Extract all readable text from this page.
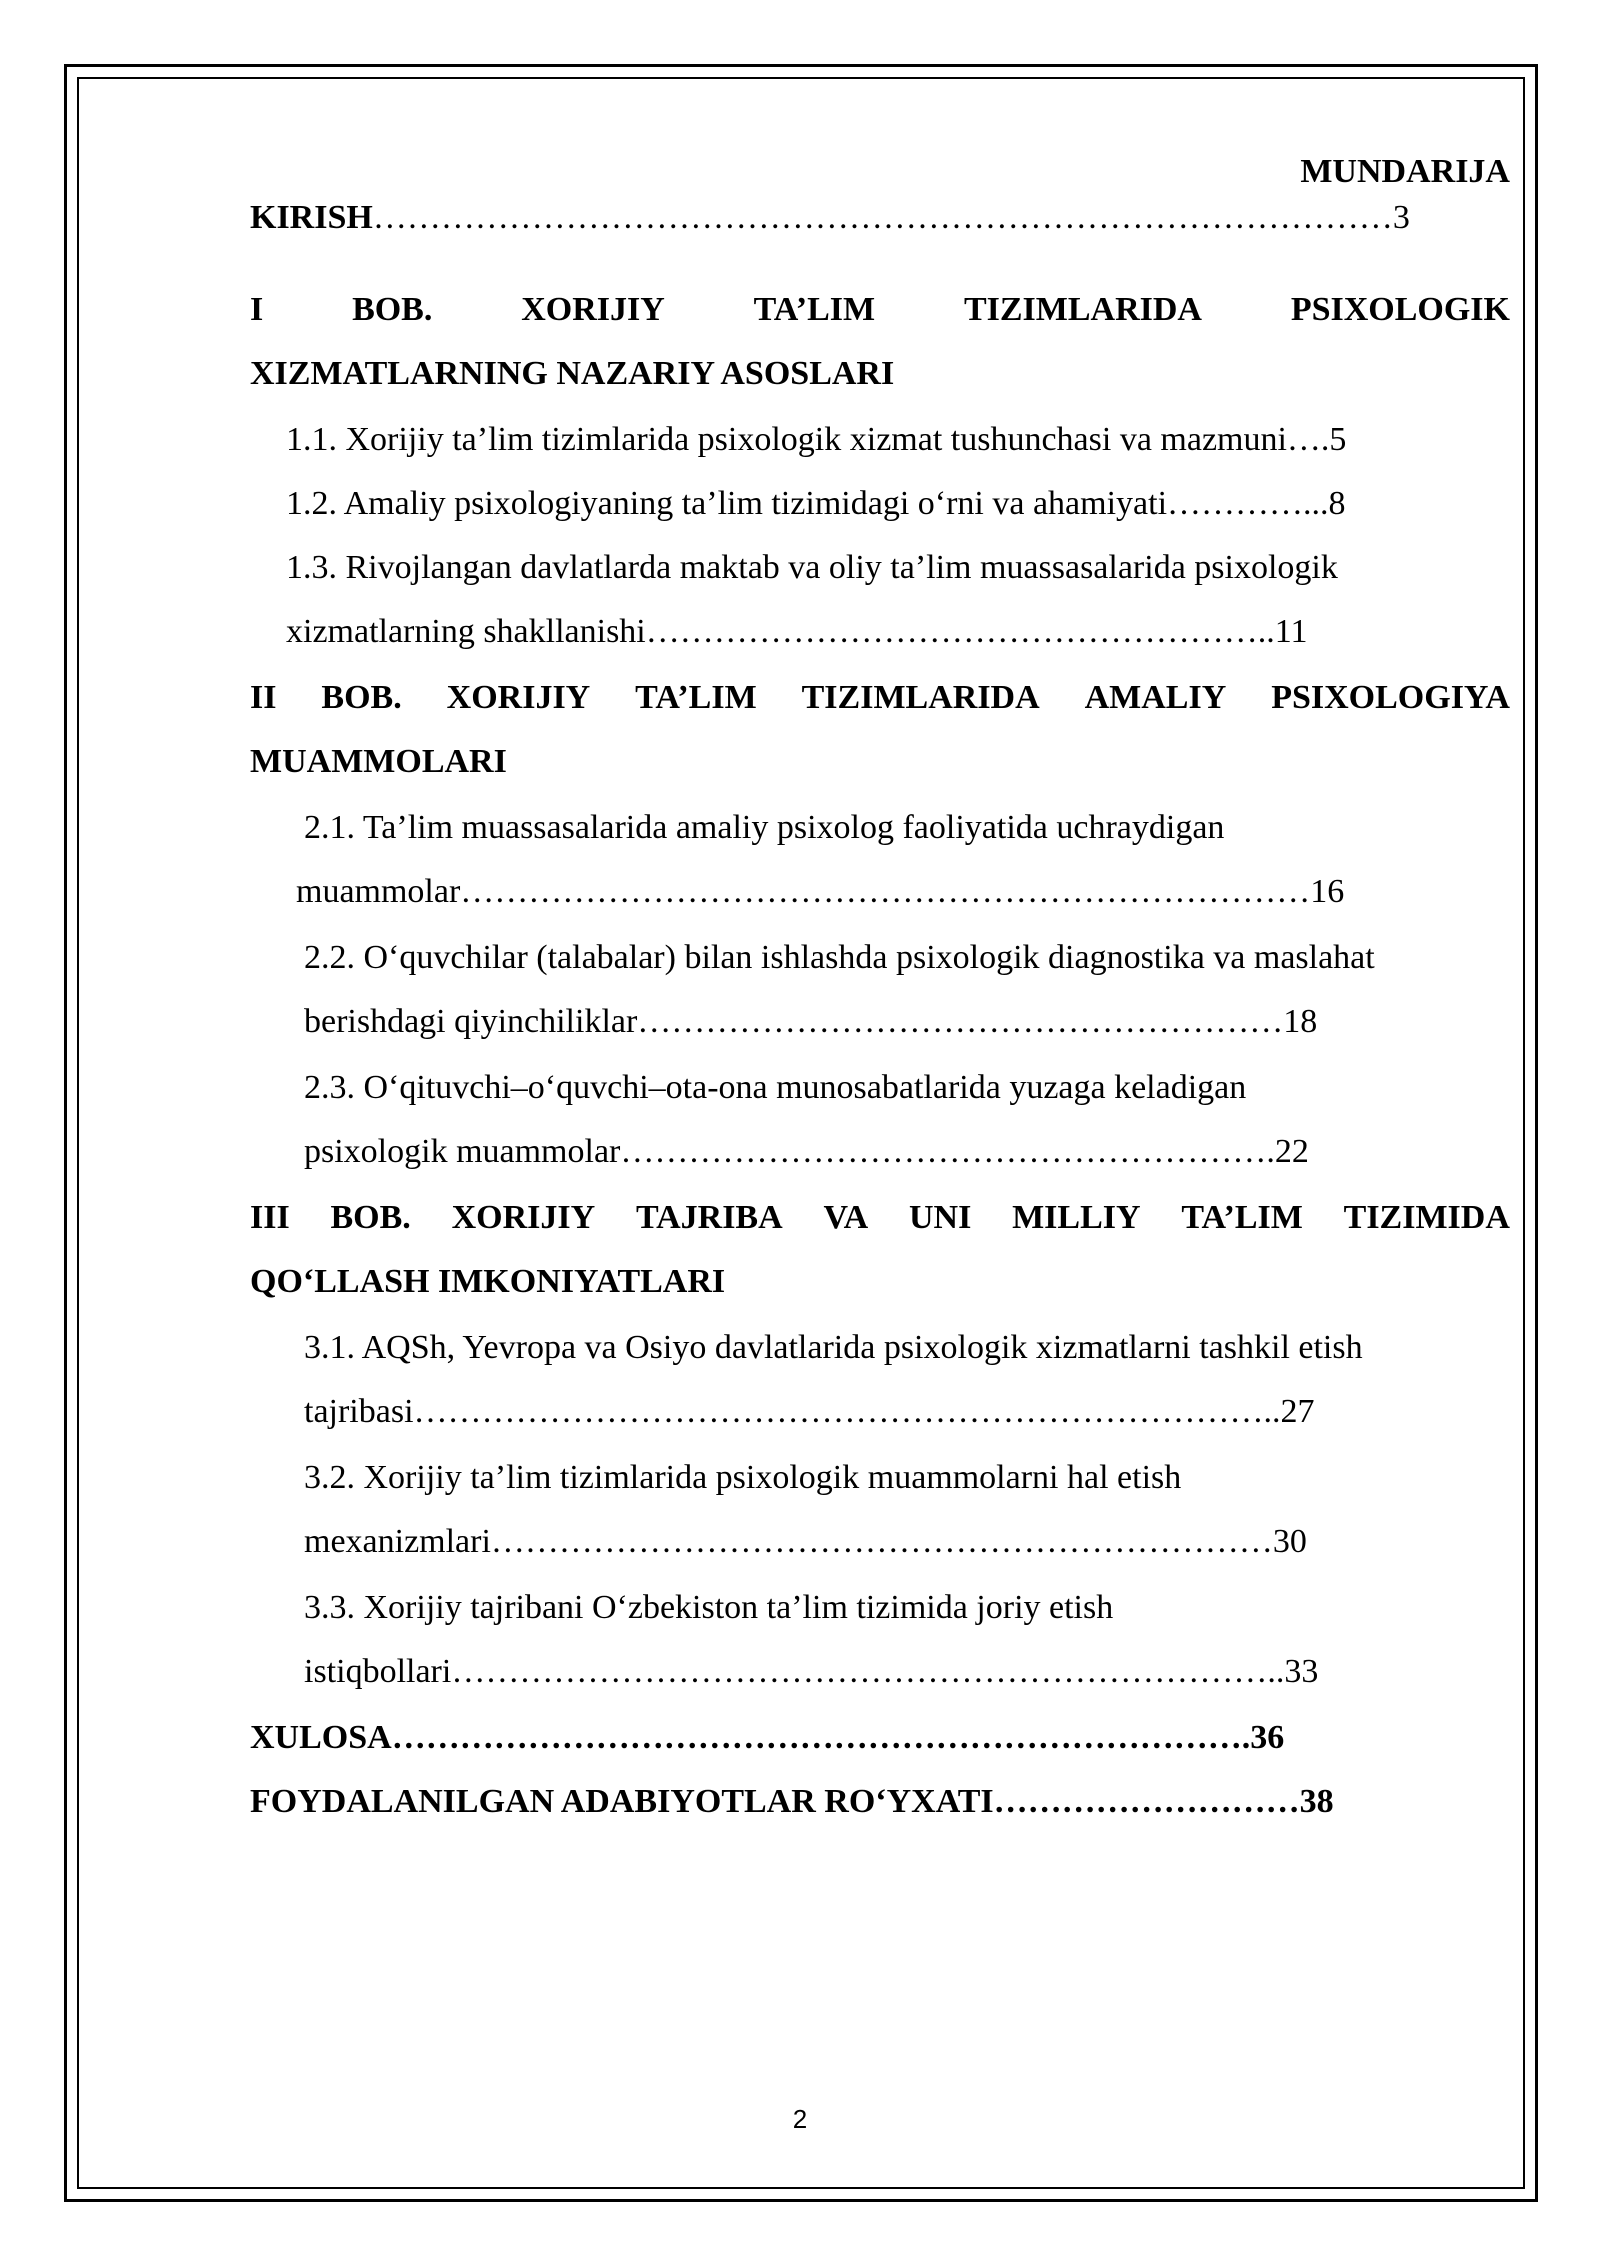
MUNDARIJA
KIRISH………………………………………………………………………………3
I	BOB.	XORIJIY	TA’LIM	TIZIMLARIDA	PSIXOLOGIK
XIZMATLARNING NAZARIY ASOSLARI
1.1. Xorijiy ta’lim tizimlarida psixologik xizmat tushunchasi va mazmuni….5
1.2. Amaliy psixologiyaning ta’lim tizimidagi o‘rni va ahamiyati…………...8
1.3. Rivojlangan davlatlarda maktab va oliy ta’lim muassasalarida psixologik
xizmatlarning shakllanishi………………………………………………..11
II BOB. XORIJIY TA’LIM TIZIMLARIDA AMALIY PSIXOLOGIYA
MUAMMOLARI
2.1. Ta’lim muassasalarida amaliy psixolog faoliyatida uchraydigan
muammolar…………………………………………………………………16
2.2. O‘quvchilar (talabalar) bilan ishlashda psixologik diagnostika va maslahat
berishdagi qiyinchiliklar…………………………………………………18
2.3. O‘qituvchi–o‘quvchi–ota-ona munosabatlarida yuzaga keladigan
psixologik muammolar………………………………………………….22
III BOB. XORIJIY TAJRIBA VA UNI MILLIY TA’LIM TIZIMIDA
QO‘LLASH IMKONIYATLARI
3.1. AQSh, Yevropa va Osiyo davlatlarida psixologik xizmatlarni tashkil etish
tajribasi…………………………………………………………………..27
3.2. Xorijiy ta’lim tizimlarida psixologik muammolarni hal etish
mexanizmlari……………………………………………………………30
3.3. Xorijiy tajribani O‘zbekiston ta’lim tizimida joriy etish
istiqbollari………………………………………………………………..33
XULOSA………………………………………………………………….36
FOYDALANILGAN ADABIYOTLAR RO‘YXATI………………………38
2
